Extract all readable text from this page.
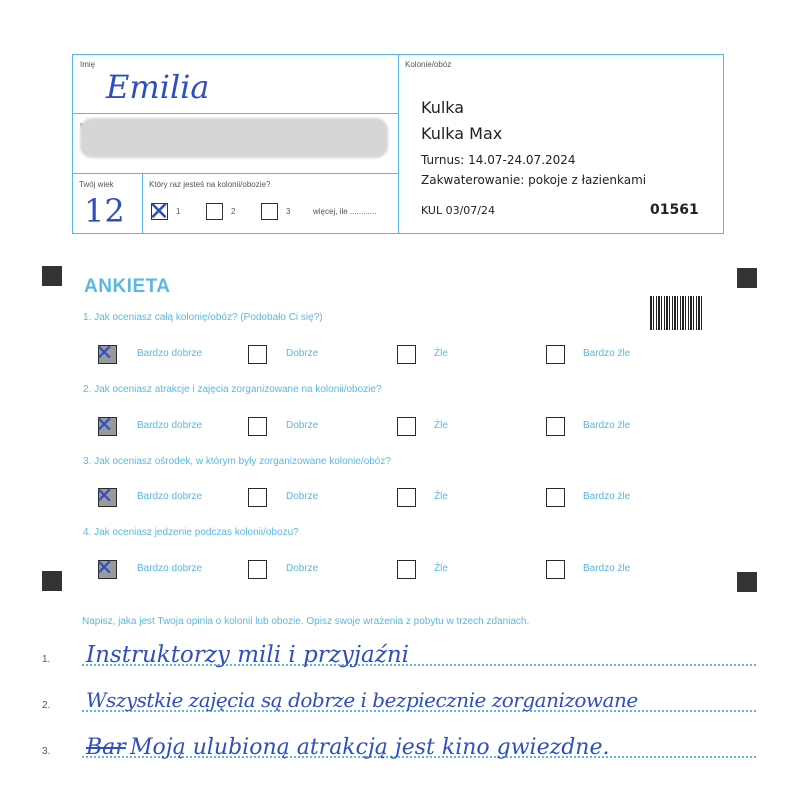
Imię
Emilia
Twój wiek
12
Który raz jesteś na kolonii/obozie?
✕ 1	2	3	więcej, ile ............
Kolonie/obóz
Kulka
Kulka Max
Turnus: 14.07-24.07.2024
Zakwaterowanie: pokoje z łazienkami
KUL 03/07/24	01561
ANKIETA
1. Jak oceniasz całą kolonię/obóz? (Podobało Ci się?)
✕ Bardzo dobrze	Dobrze	Źle	Bardzo źle
2. Jak oceniasz atrakcje i zajęcia zorganizowane na kolonii/obozie?
✕ Bardzo dobrze	Dobrze	Źle	Bardzo źle
3. Jak oceniasz ośrodek, w którym były zorganizowane kolonie/obóz?
✕ Bardzo dobrze	Dobrze	Źle	Bardzo źle
4. Jak oceniasz jedzenie podczas kolonii/obozu?
✕ Bardzo dobrze	Dobrze	Źle	Bardzo źle
Napisz, jaka jest Twoja opinia o kolonii lub obozie. Opisz swoje wrażenia z pobytu w trzech zdaniach.
1. Instruktorzy mili i przyjaźni
2. Wszystkie zajęcia są dobrze i bezpiecznie zorganizowane
3. Bar Moją ulubioną atrakcją jest kino gwiezdne.
